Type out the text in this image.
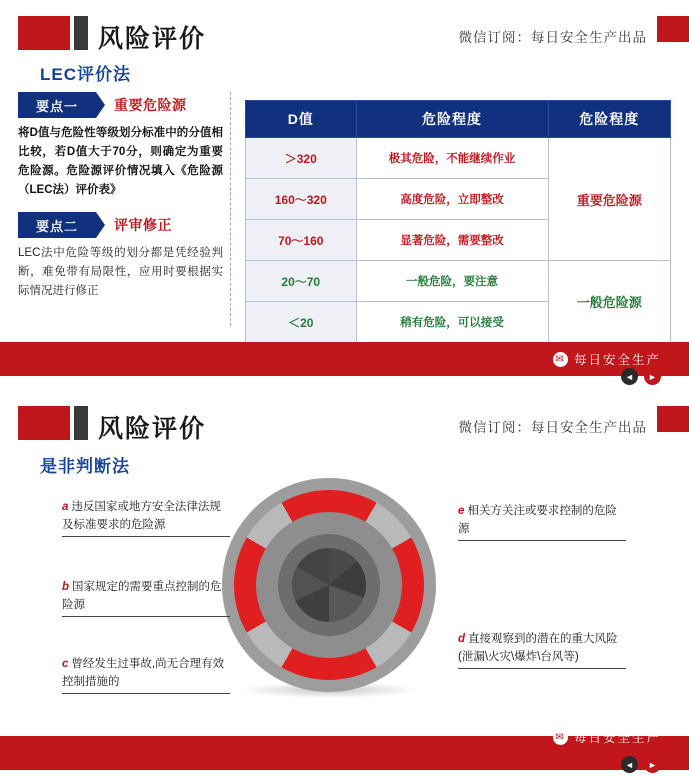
风险评价	微信订阅：每日安全生产出品
LEC评价法
要点一	重要危险源
将D值与危险性等级划分标准中的分值相比较，若D值大于70分，则确定为重要危险源。危险源评价情况填入《危险源（LEC法）评价表》
要点二	评审修正
LEC法中危险等级的划分都是凭经验判断，难免带有局限性，应用时要根据实际情况进行修正
D值	危险程度	危险程度
＞320	极其危险，不能继续作业	重要危险源
160～320	高度危险，立即整改	
70～160	显著危险，需要整改	
20～70	一般危险，要注意	一般危险源
＜20	稍有危险，可以接受	
✉ 每日安全生产
◄	►
风险评价	微信订阅：每日安全生产出品
是非判断法
a 违反国家或地方安全法律法规及标准要求的危险源
b 国家规定的需要重点控制的危险源
c 曾经发生过事故,尚无合理有效控制措施的
e 相关方关注或要求控制的危险源
d 直接观察到的潜在的重大风险(泄漏\火灾\爆炸\台风等)
✉ 每日安全生产
◄	►
